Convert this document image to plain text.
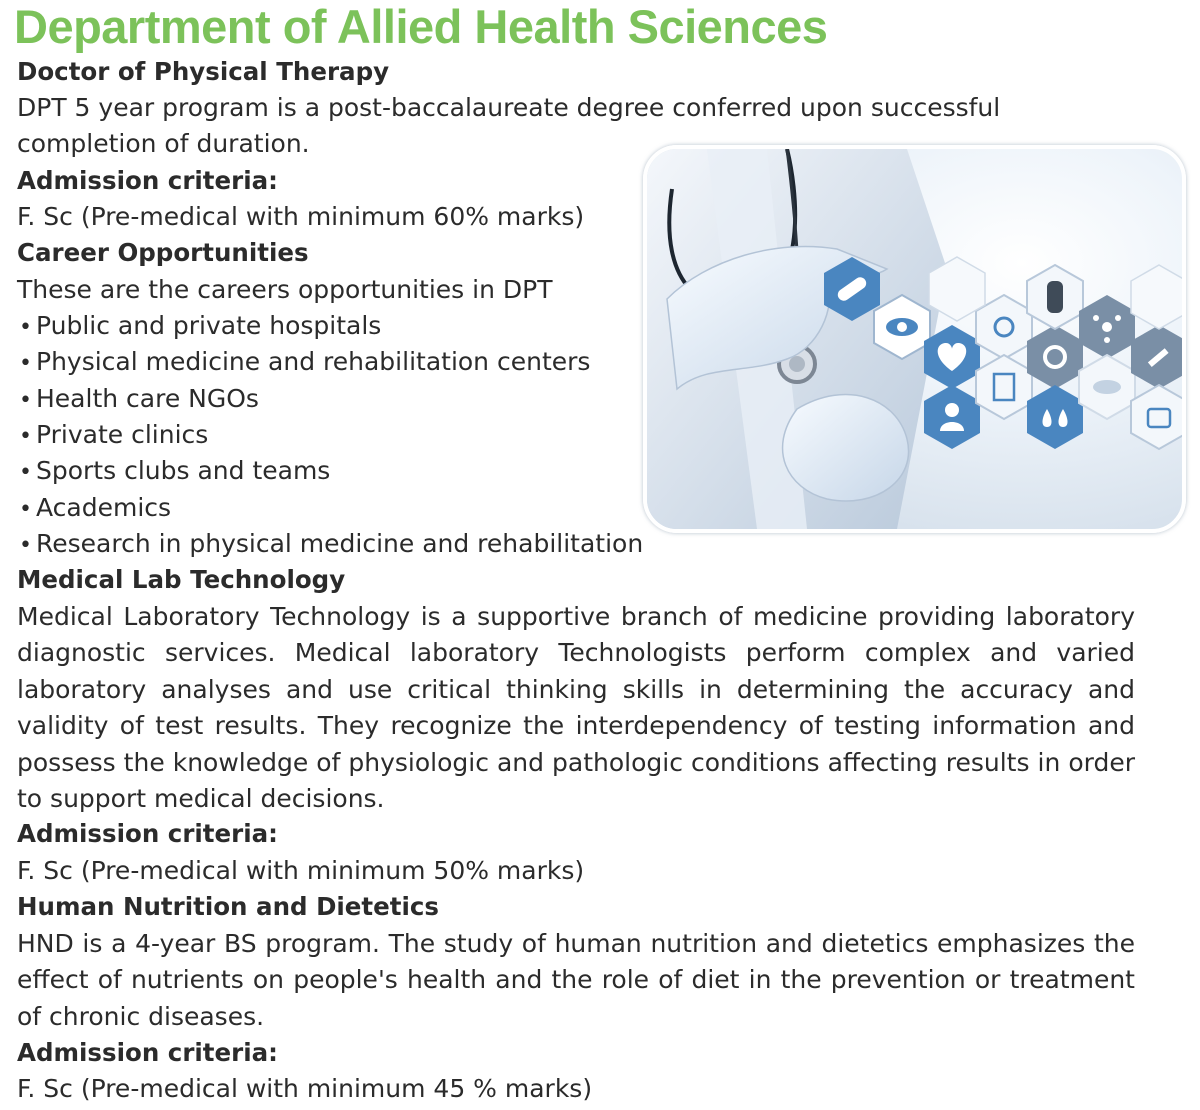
Department of Allied Health Sciences

Doctor of Physical Therapy

DPT 5 year program is a post-baccalaureate degree conferred upon successful

completion of duration.

Admission criteria:

F. Sc (Pre-medical with minimum 60% marks)

Career Opportunities

These are the careers opportunities in DPT

• Public and private hospitals

• Physical medicine and rehabilitation centers

• Health care NGOs

• Private clinics

• Sports clubs and teams

• Academics

• Research in physical medicine and rehabilitation

Medical Lab Technology

Medical Laboratory Technology is a supportive branch of medicine providing laboratory diagnostic services. Medical laboratory Technologists perform complex and varied laboratory analyses and use critical thinking skills in determining the accuracy and validity of test results. They recognize the interdependency of testing information and possess the knowledge of physiologic and pathologic conditions affecting results in order to support medical decisions.

Admission criteria:

F. Sc (Pre-medical with minimum 50% marks)

Human Nutrition and Dietetics

HND is a 4-year BS program. The study of human nutrition and dietetics emphasizes the effect of nutrients on people's health and the role of diet in the prevention or treatment of chronic diseases.

Admission criteria:

F. Sc (Pre-medical with minimum 45 % marks)
